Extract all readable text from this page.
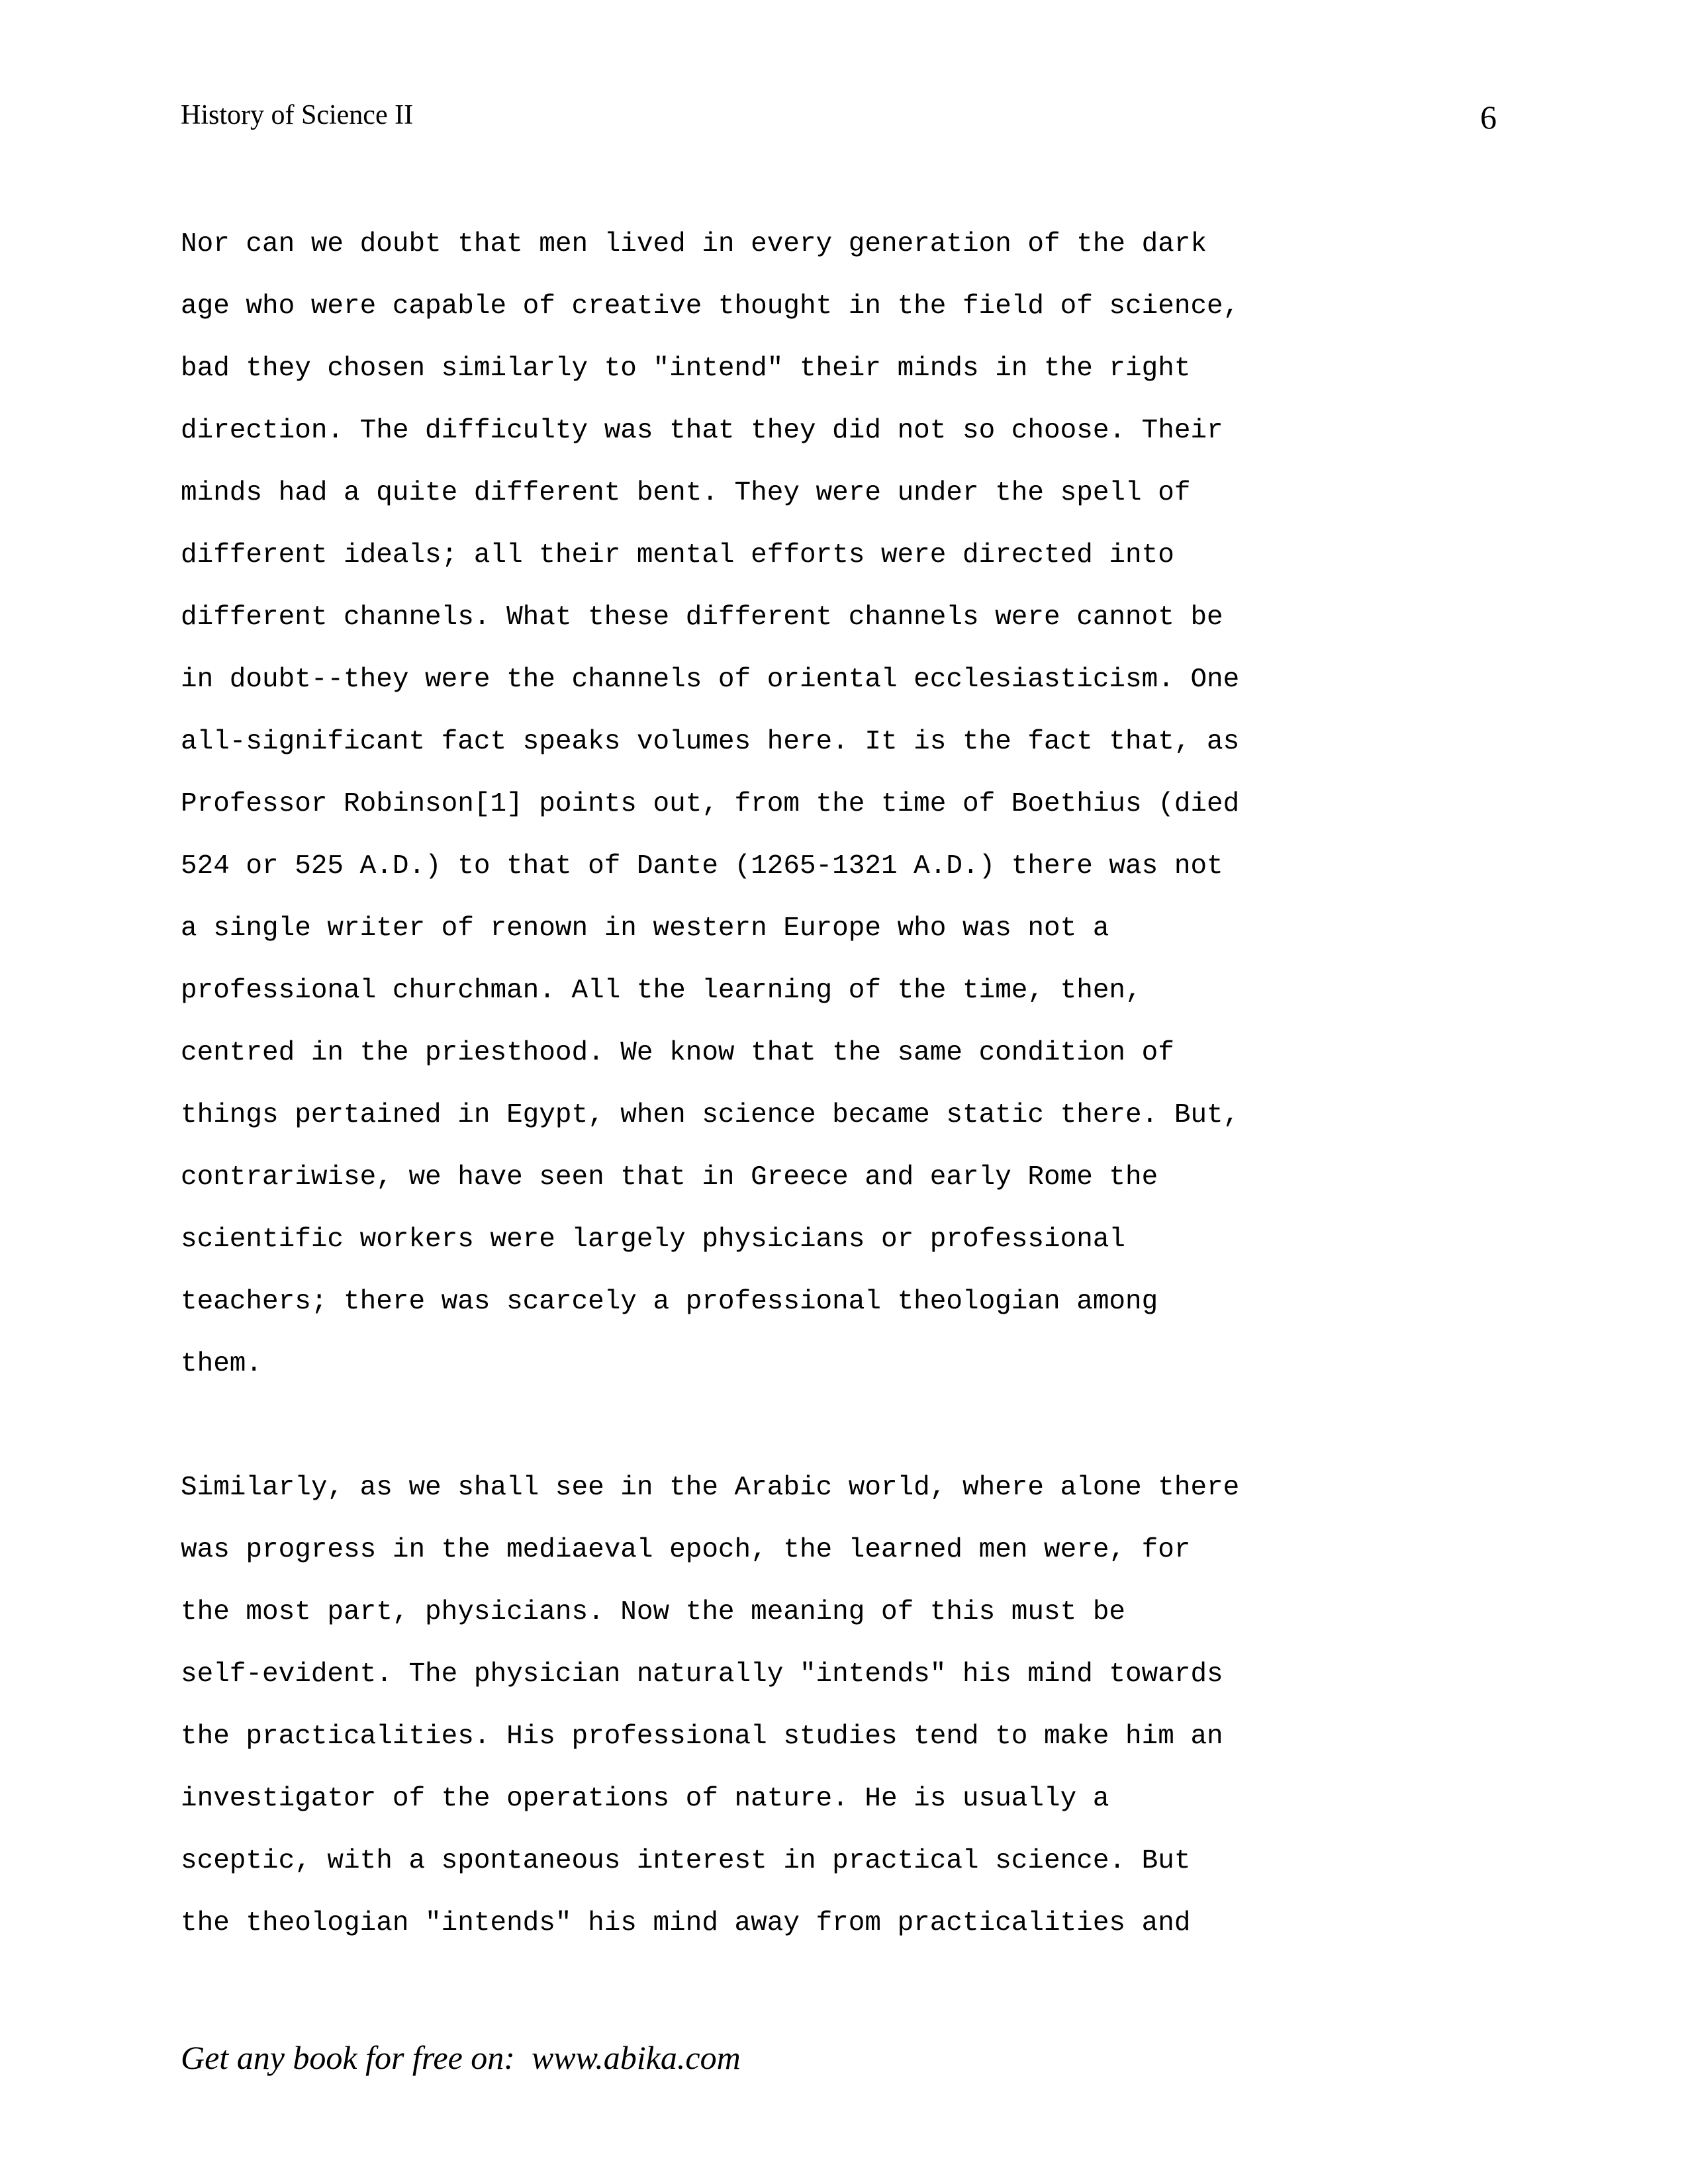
History of Science II	6
Nor can we doubt that men lived in every generation of the dark
age who were capable of creative thought in the field of science,
bad they chosen similarly to "intend" their minds in the right
direction. The difficulty was that they did not so choose. Their
minds had a quite different bent. They were under the spell of
different ideals; all their mental efforts were directed into
different channels. What these different channels were cannot be
in doubt--they were the channels of oriental ecclesiasticism. One
all-significant fact speaks volumes here. It is the fact that, as
Professor Robinson[1] points out, from the time of Boethius (died
524 or 525 A.D.) to that of Dante (1265-1321 A.D.) there was not
a single writer of renown in western Europe who was not a
professional churchman. All the learning of the time, then,
centred in the priesthood. We know that the same condition of
things pertained in Egypt, when science became static there. But,
contrariwise, we have seen that in Greece and early Rome the
scientific workers were largely physicians or professional
teachers; there was scarcely a professional theologian among
them.
Similarly, as we shall see in the Arabic world, where alone there
was progress in the mediaeval epoch, the learned men were, for
the most part, physicians. Now the meaning of this must be
self-evident. The physician naturally "intends" his mind towards
the practicalities. His professional studies tend to make him an
investigator of the operations of nature. He is usually a
sceptic, with a spontaneous interest in practical science. But
the theologian "intends" his mind away from practicalities and
Get any book for free on:  www.abika.com
